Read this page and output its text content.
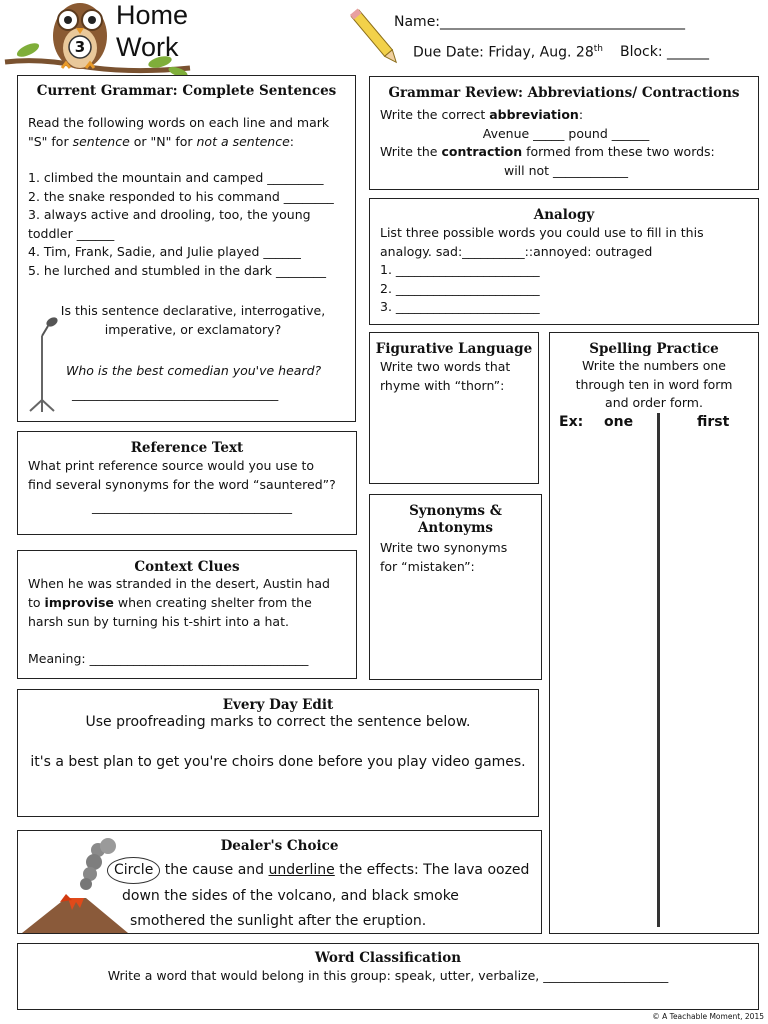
3
Home
Work
Name:___________________________________
Due Date: Friday, Aug. 28th Block: ______
Current Grammar: Complete Sentences
Read the following words on each line and mark
"S" for sentence or "N" for not a sentence:
1. climbed the mountain and camped _________
2. the snake responded to his command ________
3. always active and drooling, too, the young
toddler ______
4. Tim, Frank, Sadie, and Julie played ______
5. he lurched and stumbled in the dark ________
Is this sentence declarative, interrogative,
imperative, or exclamatory?
Who is the best comedian you've heard?
_________________________________
Grammar Review: Abbreviations/ Contractions
Write the correct abbreviation:
Avenue _____ pound ______
Write the contraction formed from these two words:
will not ____________
Analogy
List three possible words you could use to fill in this
analogy. sad:__________::annoyed: outraged
1. _______________________
2. _______________________
3. _______________________
Figurative Language
Write two words that
rhyme with “thorn”:
Spelling Practice
Write the numbers one
through ten in word form
and order form.
Ex: one	first
Synonyms &
Antonyms
Write two synonyms
for “mistaken”:
Reference Text
What print reference source would you use to
find several synonyms for the word “sauntered”?
________________________________
Context Clues
When he was stranded in the desert, Austin had
to improvise when creating shelter from the
harsh sun by turning his t-shirt into a hat.
Meaning: ___________________________________
Every Day Edit
Use proofreading marks to correct the sentence below.
it's a best plan to get you're choirs done before you play video games.
Dealer's Choice
Circle the cause and underline the effects: The lava oozed
down the sides of the volcano, and black smoke
smothered the sunlight after the eruption.
Word Classification
Write a word that would belong in this group: speak, utter, verbalize, ____________________
© A Teachable Moment, 2015
